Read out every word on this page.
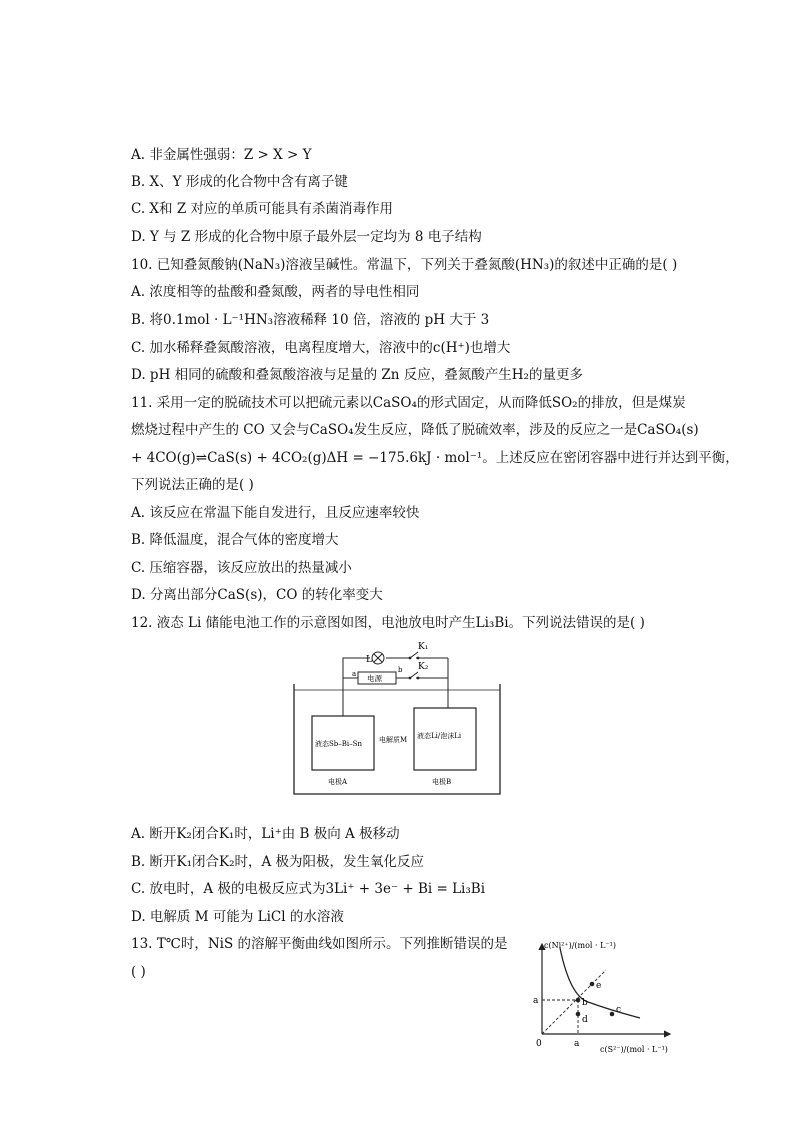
A. 非金属性强弱：Z > X > Y
B. X、Y 形成的化合物中含有离子键
C. X和 Z 对应的单质可能具有杀菌消毒作用
D. Y 与 Z 形成的化合物中原子最外层一定均为 8 电子结构
10. 已知叠氮酸钠(NaN₃)溶液呈碱性。常温下，下列关于叠氮酸(HN₃)的叙述中正确的是( )
A. 浓度相等的盐酸和叠氮酸，两者的导电性相同
B. 将0.1mol · L⁻¹HN₃溶液稀释 10 倍，溶液的 pH 大于 3
C. 加水稀释叠氮酸溶液，电离程度增大，溶液中的c(H⁺)也增大
D. pH 相同的硫酸和叠氮酸溶液与足量的 Zn 反应，叠氮酸产生H₂的量更多
11. 采用一定的脱硫技术可以把硫元素以CaSO₄的形式固定，从而降低SO₂的排放，但是煤炭
燃烧过程中产生的 CO 又会与CaSO₄发生反应，降低了脱硫效率，涉及的反应之一是CaSO₄(s)
+ 4CO(g)⇌CaS(s) + 4CO₂(g)ΔH = −175.6kJ · mol⁻¹。上述反应在密闭容器中进行并达到平衡，
下列说法正确的是( )
A. 该反应在常温下能自发进行，且反应速率较快
B. 降低温度，混合气体的密度增大
C. 压缩容器，该反应放出的热量减小
D. 分离出部分CaS(s)，CO 的转化率变大
12. 液态 Li 储能电池工作的示意图如图，电池放电时产生Li₃Bi。下列说法错误的是( )
L
K₁
K₂
a	b
电源
液态Sb–Bi–Sn 电解质M 液态Li/泡沫Li
电极A	电极B
A. 断开K₂闭合K₁时，Li⁺由 B 极向 A 极移动
B. 断开K₁闭合K₂时，A 极为阳极，发生氧化反应
C. 放电时，A 极的电极反应式为3Li⁺ + 3e⁻ + Bi = Li₃Bi
D. 电解质 M 可能为 LiCl 的水溶液
13. T℃时，NiS 的溶解平衡曲线如图所示。下列推断错误的是
( )
c(Ni²⁺)/(mol · L⁻¹)
c(S²⁻)/(mol · L⁻¹)
0
a
a
b
c
d
e
